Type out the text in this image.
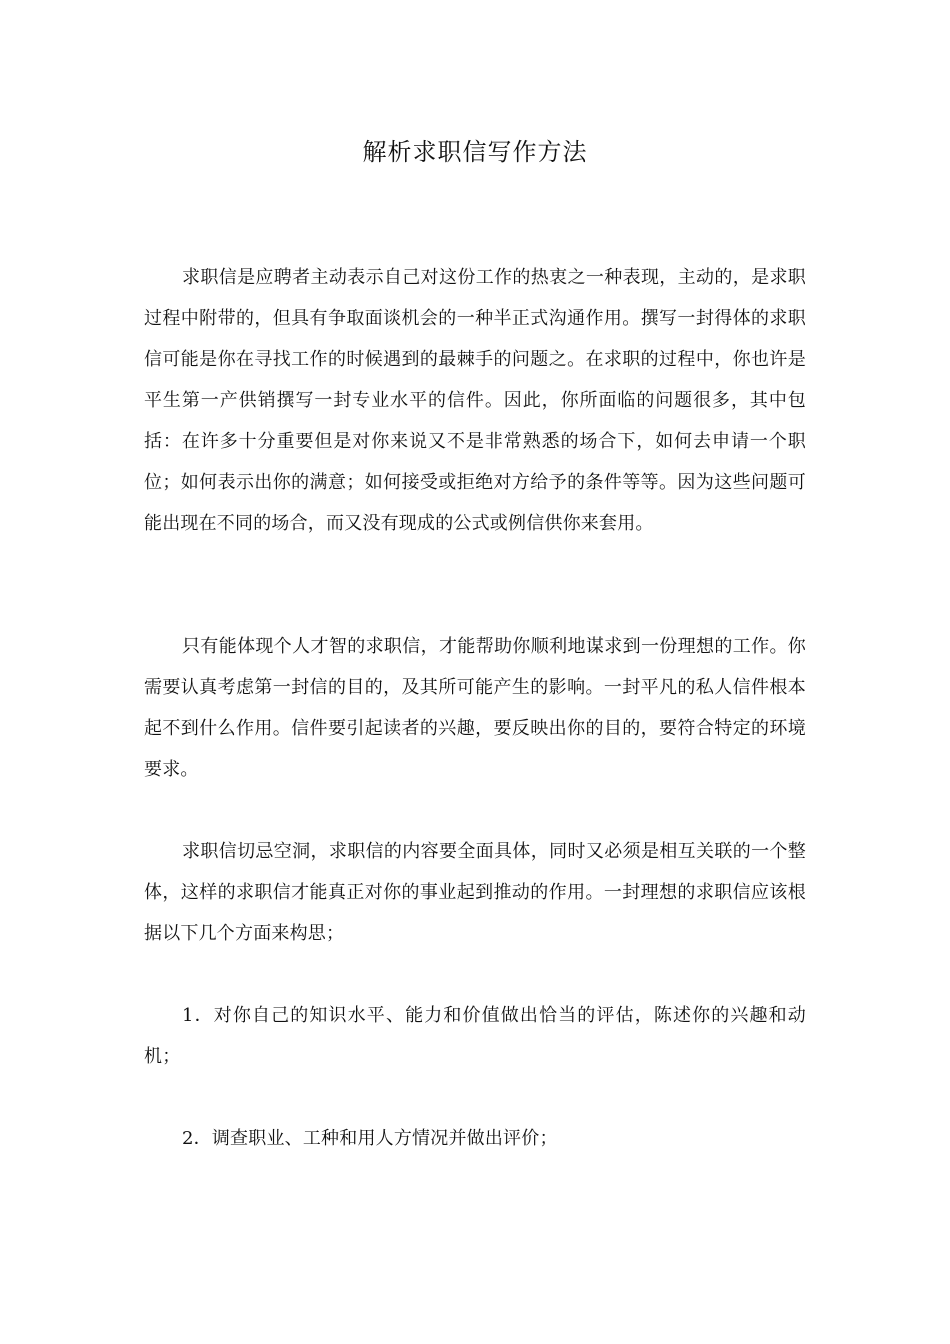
解析求职信写作方法

求职信是应聘者主动表示自己对这份工作的热衷之一种表现，主动的，是求职过程中附带的，但具有争取面谈机会的一种半正式沟通作用。撰写一封得体的求职信可能是你在寻找工作的时候遇到的最棘手的问题之。在求职的过程中，你也许是平生第一产供销撰写一封专业水平的信件。因此，你所面临的问题很多，其中包括：在许多十分重要但是对你来说又不是非常熟悉的场合下，如何去申请一个职位；如何表示出你的满意；如何接受或拒绝对方给予的条件等等。因为这些问题可能出现在不同的场合，而又没有现成的公式或例信供你来套用。

只有能体现个人才智的求职信，才能帮助你顺利地谋求到一份理想的工作。你需要认真考虑第一封信的目的，及其所可能产生的影响。一封平凡的私人信件根本起不到什么作用。信件要引起读者的兴趣，要反映出你的目的，要符合特定的环境要求。

求职信切忌空洞，求职信的内容要全面具体，同时又必须是相互关联的一个整体，这样的求职信才能真正对你的事业起到推动的作用。一封理想的求职信应该根据以下几个方面来构思；

1．对你自己的知识水平、能力和价值做出恰当的评估，陈述你的兴趣和动机；

2．调查职业、工种和用人方情况并做出评价；
